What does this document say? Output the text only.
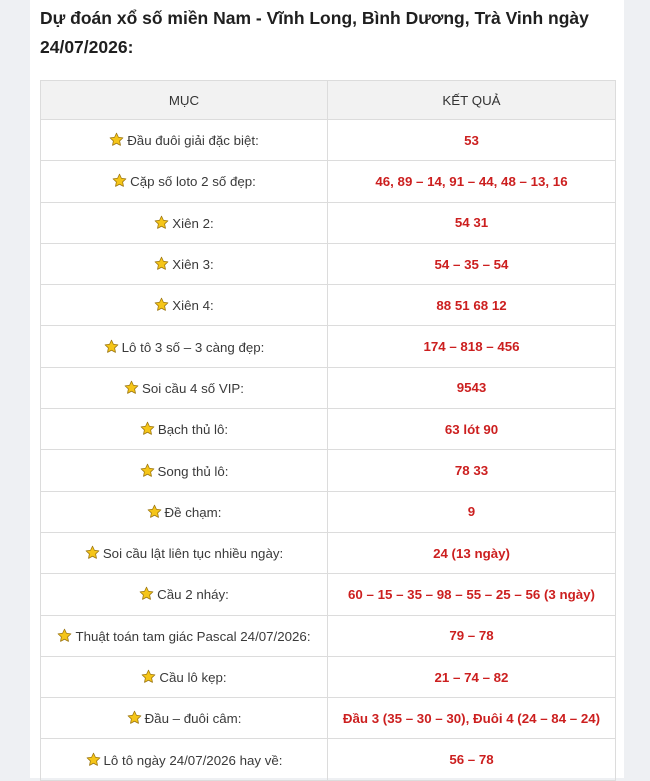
Dự đoán xổ số miền Nam - Vĩnh Long, Bình Dương, Trà Vinh ngày 24/07/2026:
MỤC	KẾT QUẢ
Đầu đuôi giải đặc biệt:	53
Cặp số loto 2 số đẹp:	46, 89 – 14, 91 – 44, 48 – 13, 16
Xiên 2:	54 31
Xiên 3:	54 – 35 – 54
Xiên 4:	88 51 68 12
Lô tô 3 số – 3 càng đẹp:	174 – 818 – 456
Soi cầu 4 số VIP:	9543
Bạch thủ lô:	63 lót 90
Song thủ lô:	78 33
Đề chạm:	9
Soi cầu lật liên tục nhiều ngày:	24 (13 ngày)
Cầu 2 nháy:	60 – 15 – 35 – 98 – 55 – 25 – 56 (3 ngày)
Thuật toán tam giác Pascal 24/07/2026:	79 – 78
Cầu lô kẹp:	21 – 74 – 82
Đầu – đuôi câm:	Đầu 3 (35 – 30 – 30), Đuôi 4 (24 – 84 – 24)
Lô tô ngày 24/07/2026 hay về:	56 – 78
